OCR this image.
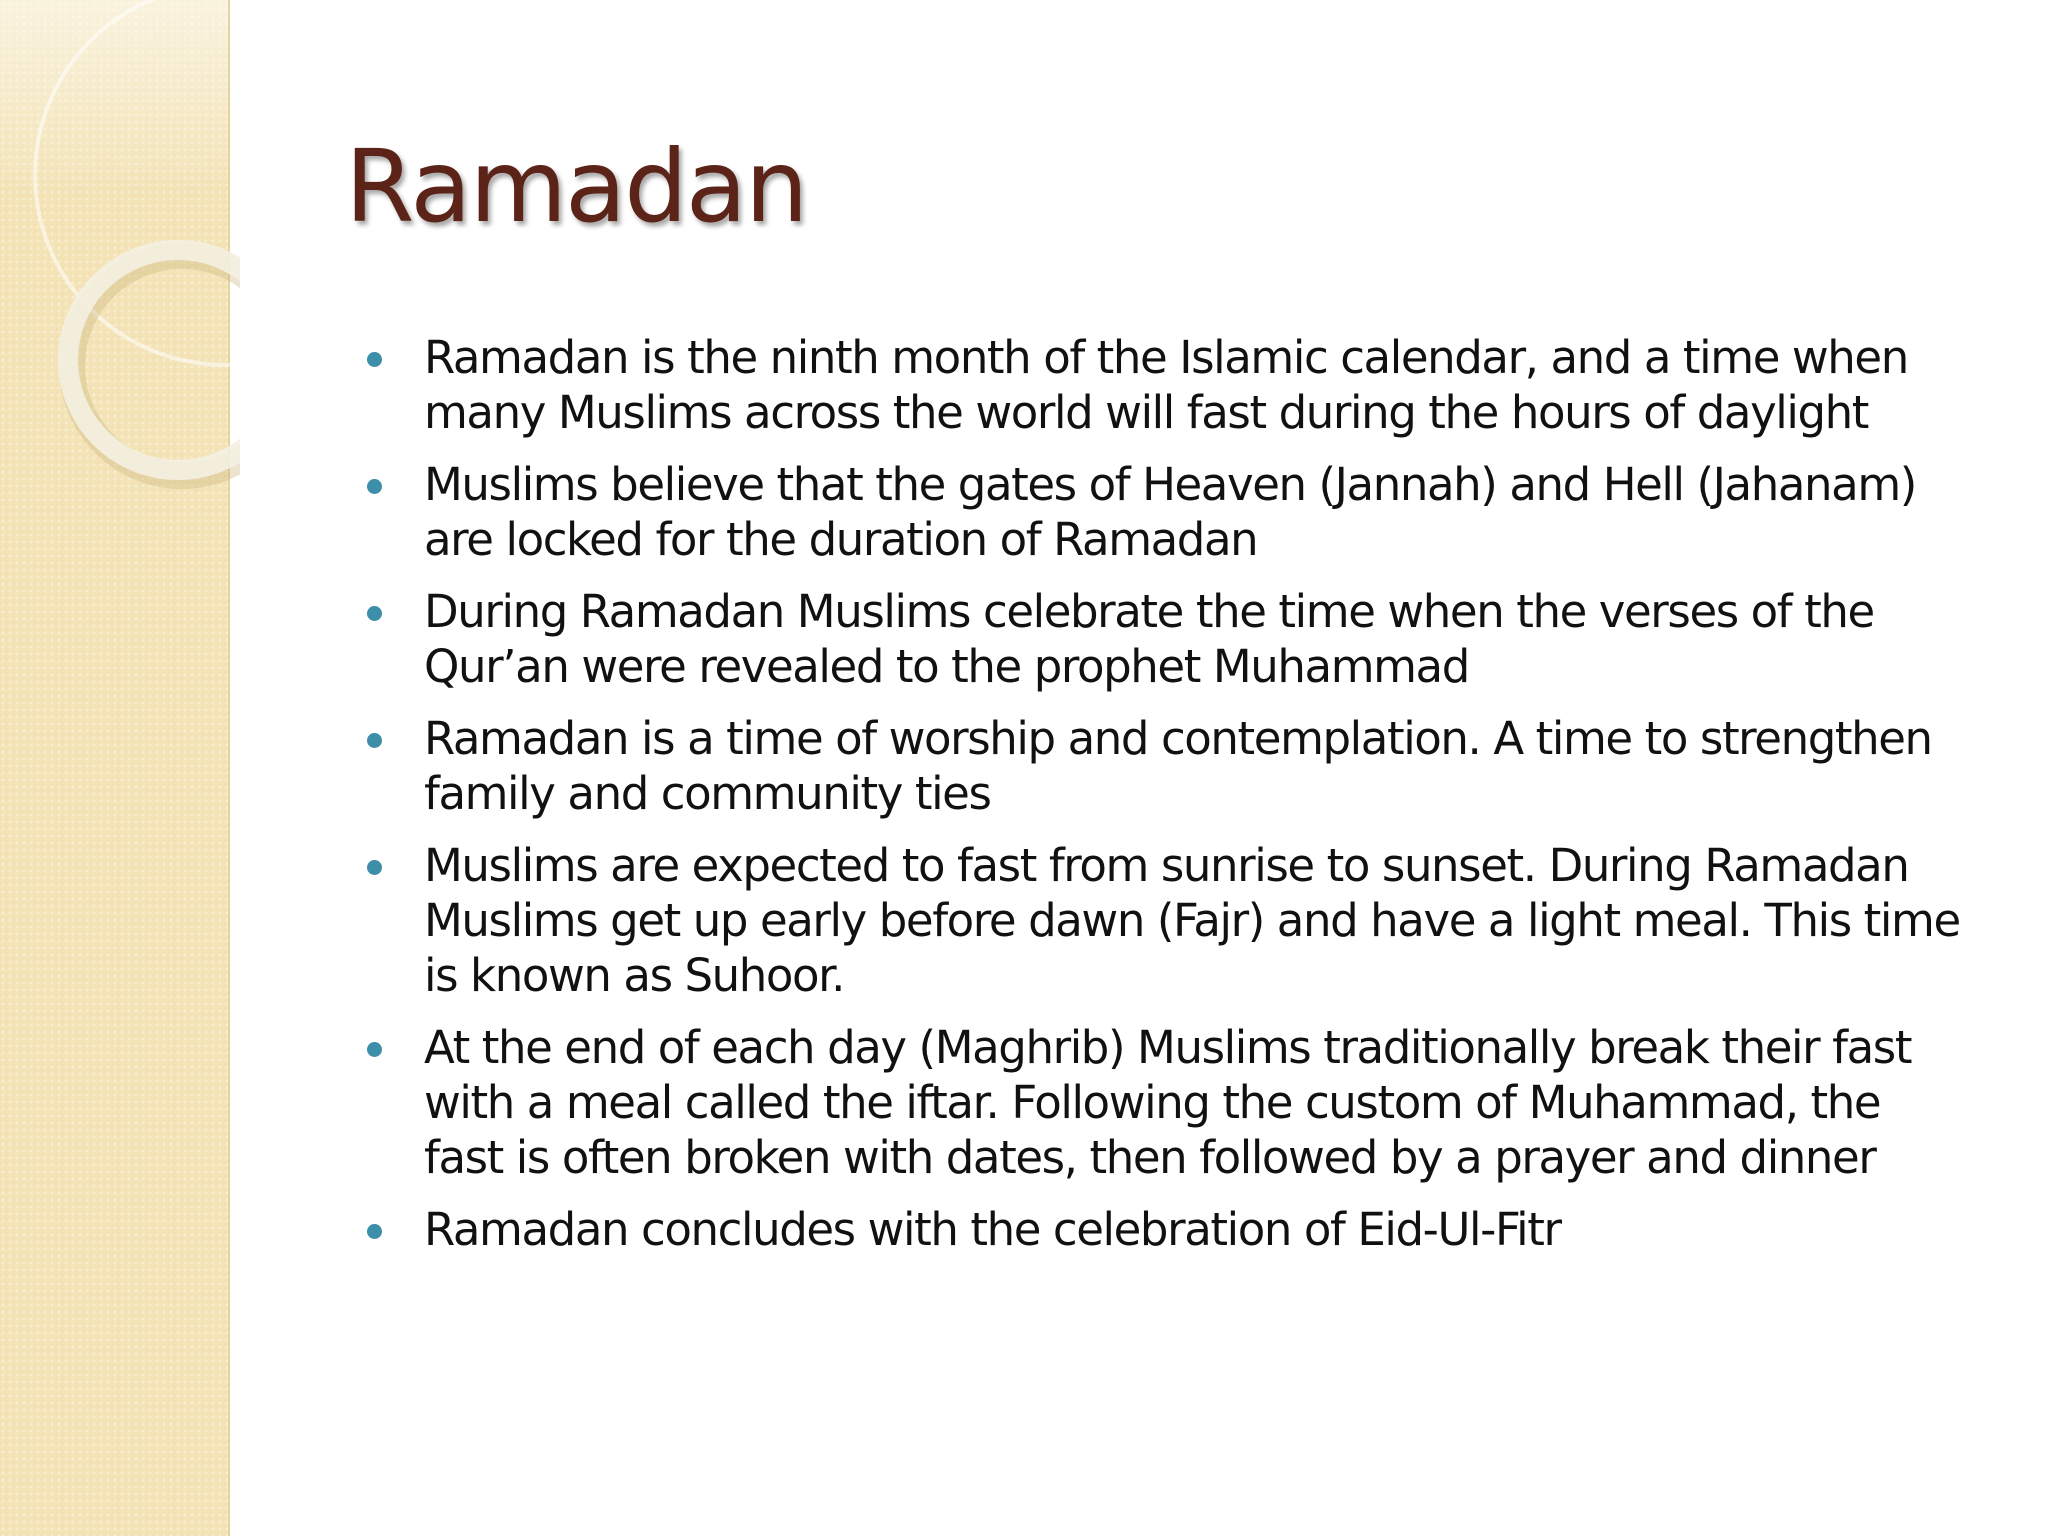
Ramadan
Ramadan is the ninth month of the Islamic calendar, and a time when many Muslims across the world will fast during the hours of daylight
Muslims believe that the gates of Heaven (Jannah) and Hell (Jahanam) are locked for the duration of Ramadan
During Ramadan Muslims celebrate the time when the verses of the Qur’an were revealed to the prophet Muhammad
Ramadan is a time of worship and contemplation. A time to strengthen family and community ties
Muslims are expected to fast from sunrise to sunset. During Ramadan Muslims get up early before dawn (Fajr) and have a light meal. This time is known as Suhoor.
At the end of each day (Maghrib) Muslims traditionally break their fast with a meal called the iftar. Following the custom of Muhammad, the fast is often broken with dates, then followed by a prayer and dinner
Ramadan concludes with the celebration of Eid-Ul-Fitr
